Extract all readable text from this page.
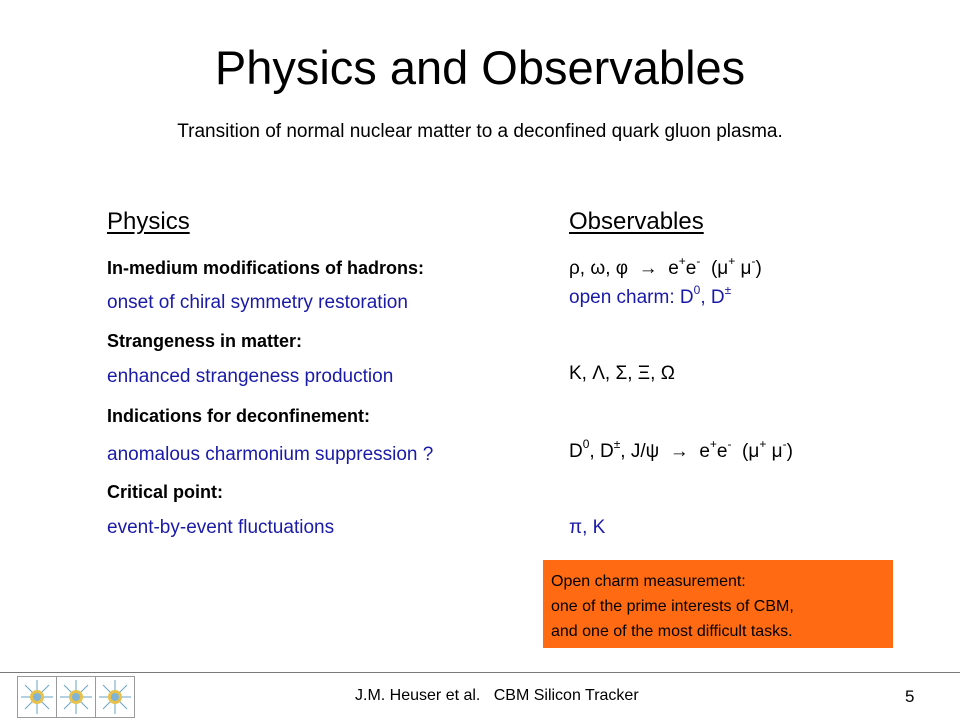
Physics and Observables
Transition of normal nuclear matter to a deconfined quark gluon plasma.
Physics
In-medium modifications of hadrons:
onset of chiral symmetry restoration
Strangeness in matter:
enhanced strangeness production
Indications for deconfinement:
anomalous charmonium suppression ?
Critical point:
event-by-event fluctuations
Observables
ρ, ω, φ → e+e- (μ+ μ-)
open charm: $D^0$, D±
K, Λ, Σ, Ξ, Ω
$D^0$, D±, J/ψ → e+e- (μ+ μ-)
π, K
Open charm measurement:
one of the prime interests of CBM,
and one of the most difficult tasks.
J.M. Heuser et al. CBM Silicon Tracker	5
